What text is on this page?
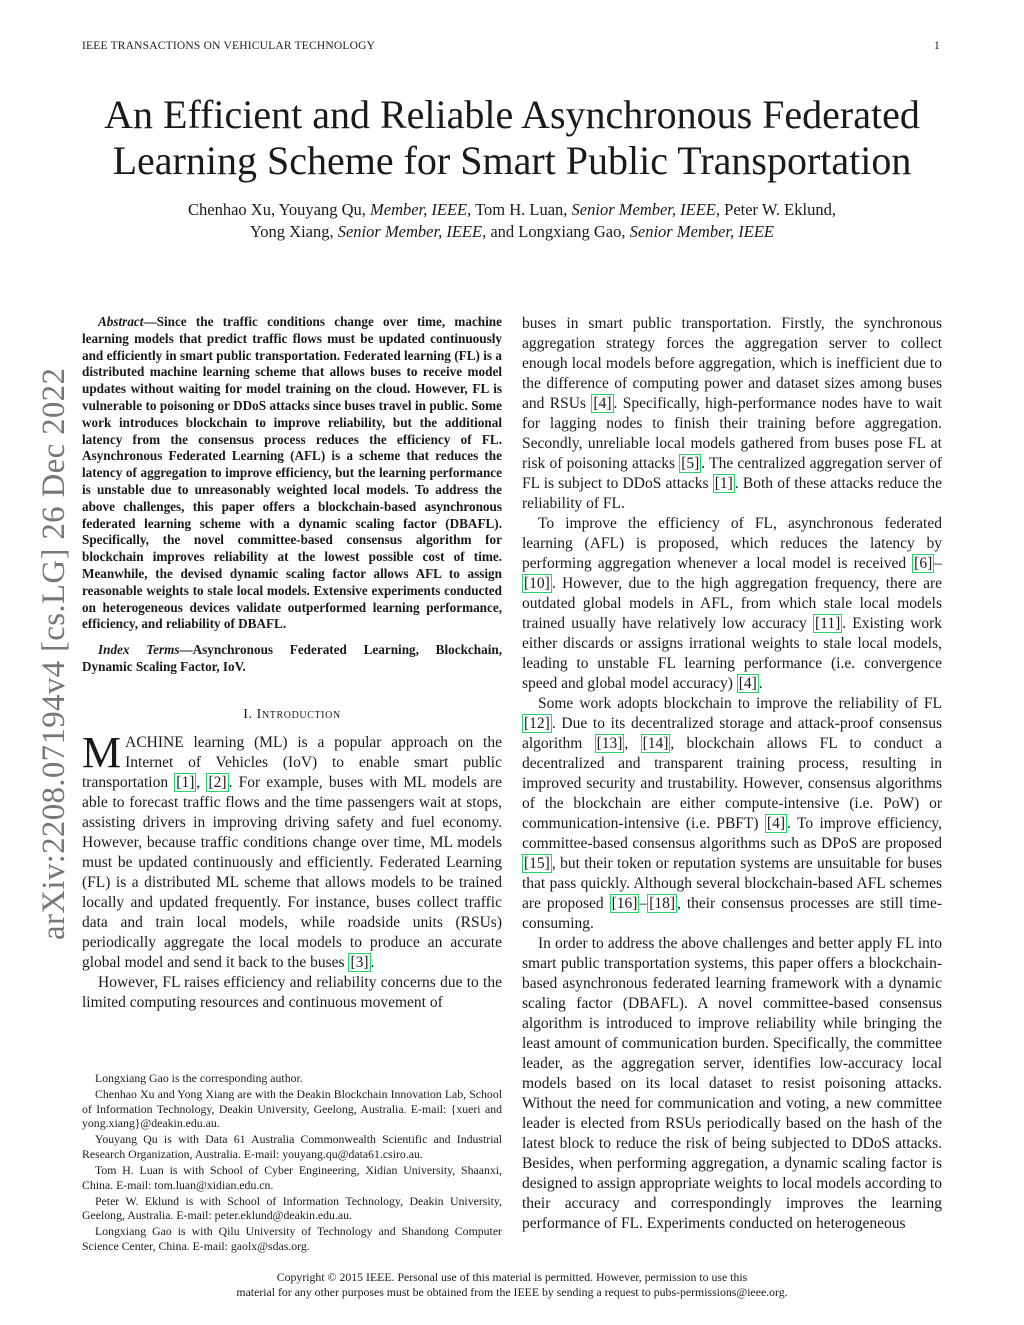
IEEE TRANSACTIONS ON VEHICULAR TECHNOLOGY	1
An Efficient and Reliable Asynchronous Federated
Learning Scheme for Smart Public Transportation
Chenhao Xu, Youyang Qu, Member, IEEE, Tom H. Luan, Senior Member, IEEE, Peter W. Eklund,
Yong Xiang, Senior Member, IEEE, and Longxiang Gao, Senior Member, IEEE
arXiv:2208.07194v4 [cs.LG] 26 Dec 2022

Abstract—Since the traffic conditions change over time, machine learning models that predict traffic flows must be updated continuously and efficiently in smart public transportation. Federated learning (FL) is a distributed machine learning scheme that allows buses to receive model updates without waiting for model training on the cloud. However, FL is vulnerable to poisoning or DDoS attacks since buses travel in public. Some work introduces blockchain to improve reliability, but the additional latency from the consensus process reduces the efficiency of FL. Asynchronous Federated Learning (AFL) is a scheme that reduces the latency of aggregation to improve efficiency, but the learning performance is unstable due to unreasonably weighted local models. To address the above challenges, this paper offers a blockchain-based asynchronous federated learning scheme with a dynamic scaling factor (DBAFL). Specifically, the novel committee-based consensus algorithm for blockchain improves reliability at the lowest possible cost of time. Meanwhile, the devised dynamic scaling factor allows AFL to assign reasonable weights to stale local models. Extensive experiments conducted on heterogeneous devices validate outperformed learning performance, efficiency, and reliability of DBAFL.

Index Terms—Asynchronous Federated Learning, Blockchain, Dynamic Scaling Factor, IoV.

I. Introduction

MACHINE learning (ML) is a popular approach on the Internet of Vehicles (IoV) to enable smart public transportation [1] , [2] . For example, buses with ML models are able to forecast traffic flows and the time passengers wait at stops, assisting drivers in improving driving safety and fuel economy. However, because traffic conditions change over time, ML models must be updated continuously and efficiently. Federated Learning (FL) is a distributed ML scheme that allows models to be trained locally and updated frequently. For instance, buses collect traffic data and train local models, while roadside units (RSUs) periodically aggregate the local models to produce an accurate global model and send it back to the buses [3] .

However, FL raises efficiency and reliability concerns due to the limited computing resources and continuous movement of

buses in smart public transportation. Firstly, the synchronous aggregation strategy forces the aggregation server to collect enough local models before aggregation, which is inefficient due to the difference of computing power and dataset sizes among buses and RSUs [4] . Specifically, high-performance nodes have to wait for lagging nodes to finish their training before aggregation. Secondly, unreliable local models gathered from buses pose FL at risk of poisoning attacks [5] . The centralized aggregation server of FL is subject to DDoS attacks [1] . Both of these attacks reduce the reliability of FL.

To improve the efficiency of FL, asynchronous federated learning (AFL) is proposed, which reduces the latency by performing aggregation whenever a local model is received [6] –[10] . However, due to the high aggregation frequency, there are outdated global models in AFL, from which stale local models trained usually have relatively low accuracy [11] . Existing work either discards or assigns irrational weights to stale local models, leading to unstable FL learning performance (i.e. convergence speed and global model accuracy) [4] .

Some work adopts blockchain to improve the reliability of FL [12] . Due to its decentralized storage and attack-proof consensus algorithm [13] , [14] , blockchain allows FL to conduct a decentralized and transparent training process, resulting in improved security and trustability. However, consensus algorithms of the blockchain are either compute-intensive (i.e. PoW) or communication-intensive (i.e. PBFT) [4] . To improve efficiency, committee-based consensus algorithms such as DPoS are proposed [15] , but their token or reputation systems are unsuitable for buses that pass quickly. Although several blockchain-based AFL schemes are proposed [16] – [18] , their consensus processes are still time-consuming.

In order to address the above challenges and better apply FL into smart public transportation systems, this paper offers a blockchain-based asynchronous federated learning framework with a dynamic scaling factor (DBAFL). A novel committee-based consensus algorithm is introduced to improve reliability while bringing the least amount of communication burden. Specifically, the committee leader, as the aggregation server, identifies low-accuracy local models based on its local dataset to resist poisoning attacks. Without the need for communication and voting, a new committee leader is elected from RSUs periodically based on the hash of the latest block to reduce the risk of being subjected to DDoS attacks. Besides, when performing aggregation, a dynamic scaling factor is designed to assign appropriate weights to local models according to their accuracy and correspondingly improves the learning performance of FL. Experiments conducted on heterogeneous

Longxiang Gao is the corresponding author.

Chenhao Xu and Yong Xiang are with the Deakin Blockchain Innovation Lab, School of Information Technology, Deakin University, Geelong, Australia. E-mail: {xueri and yong.xiang}@deakin.edu.au.

Youyang Qu is with Data 61 Australia Commonwealth Scientific and Industrial Research Organization, Australia. E-mail: youyang.qu@data61.csiro.au.

Tom H. Luan is with School of Cyber Engineering, Xidian University, Shaanxi, China. E-mail: tom.luan@xidian.edu.cn.

Peter W. Eklund is with School of Information Technology, Deakin University, Geelong, Australia. E-mail: peter.eklund@deakin.edu.au.

Longxiang Gao is with Qilu University of Technology and Shandong Computer Science Center, China. E-mail: gaolx@sdas.org.

Copyright © 2015 IEEE. Personal use of this material is permitted. However, permission to use this
material for any other purposes must be obtained from the IEEE by sending a request to pubs-permissions@ieee.org.
